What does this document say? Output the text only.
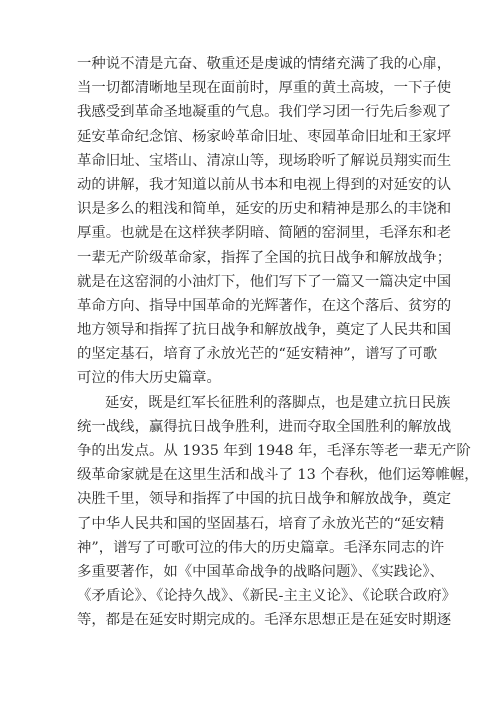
一种说不清是亢奋、敬重还是虔诚的情绪充满了我的心扉，
当一切都清晰地呈现在面前时，厚重的黄土高坡，一下子使
我感受到革命圣地凝重的气息。我们学习团一行先后参观了
延安革命纪念馆、杨家岭革命旧址、枣园革命旧址和王家坪
革命旧址、宝塔山、清凉山等，现场聆听了解说员翔实而生
动的讲解，我才知道以前从书本和电视上得到的对延安的认
识是多么的粗浅和简单，延安的历史和精神是那么的丰饶和
厚重。也就是在这样狭孝阴暗、简陋的窑洞里，毛泽东和老
一辈无产阶级革命家，指挥了全国的抗日战争和解放战争；
就是在这窑洞的小油灯下，他们写下了一篇又一篇决定中国
革命方向、指导中国革命的光辉著作，在这个落后、贫穷的
地方领导和指挥了抗日战争和解放战争，奠定了人民共和国
的坚定基石，培育了永放光芒的“延安精神”，谱写了可歌
可泣的伟大历史篇章。
延安，既是红军长征胜利的落脚点，也是建立抗日民族
统一战线，赢得抗日战争胜利，进而夺取全国胜利的解放战
争的出发点。从 1935 年到 1948 年，毛泽东等老一辈无产阶
级革命家就是在这里生活和战斗了 13 个春秋，他们运筹帷幄，
决胜千里，领导和指挥了中国的抗日战争和解放战争，奠定
了中华人民共和国的坚固基石，培育了永放光芒的“延安精
神”，谱写了可歌可泣的伟大的历史篇章。毛泽东同志的许
多重要著作，如《中国革命战争的战略问题》、《实践论》、
《矛盾论》、《论持久战》、《新民-主主义论》、《论联合政府》
等，都是在延安时期完成的。毛泽东思想正是在延安时期逐
